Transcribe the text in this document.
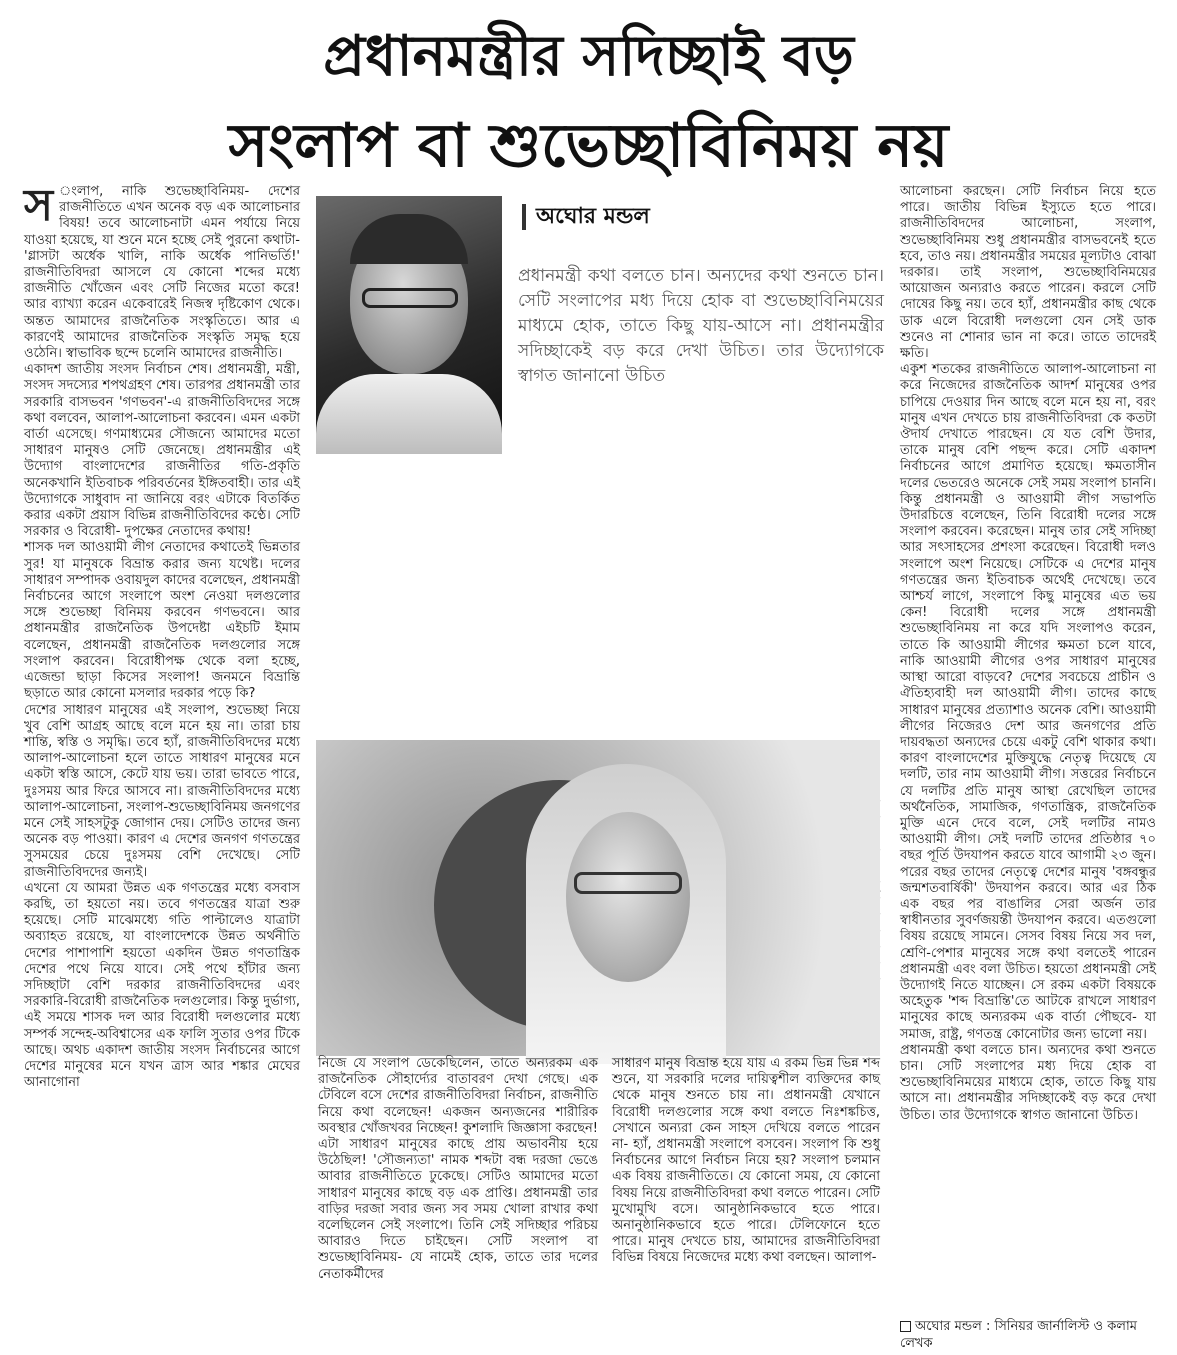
প্রধানমন্ত্রীর সদিচ্ছাই বড়
সংলাপ বা শুভেচ্ছাবিনিময় নয়
স ংলাপ, নাকি শুভেচ্ছাবিনিময়- দেশের রাজনীতিতে এখন অনেক বড় এক আলোচনার বিষয়! তবে আলোচনাটা এমন পর্যায়ে নিয়ে যাওয়া হয়েছে, যা শুনে মনে হচ্ছে সেই পুরনো কথাটা- 'গ্লাসটা অর্ধেক খালি, নাকি অর্ধেক পানিভর্তি!' রাজনীতিবিদরা আসলে যে কোনো শব্দের মধ্যে রাজনীতি খোঁজেন এবং সেটি নিজের মতো করে! আর ব্যাখ্যা করেন একেবারেই নিজস্ব দৃষ্টিকোণ থেকে। অন্তত আমাদের রাজনৈতিক সংস্কৃতিতে। আর এ কারণেই আমাদের রাজনৈতিক সংস্কৃতি সমৃদ্ধ হয়ে ওঠেনি। স্বাভাবিক ছন্দে চলেনি আমাদের রাজনীতি।

একাদশ জাতীয় সংসদ নির্বাচন শেষ। প্রধানমন্ত্রী, মন্ত্রী, সংসদ সদস্যের শপথগ্রহণ শেষ। তারপর প্রধানমন্ত্রী তার সরকারি বাসভবন 'গণভবন'-এ রাজনীতিবিদদের সঙ্গে কথা বলবেন, আলাপ-আলোচনা করবেন। এমন একটা বার্তা এসেছে। গণমাধ্যমের সৌজন্যে আমাদের মতো সাধারণ মানুষও সেটি জেনেছে। প্রধানমন্ত্রীর এই উদ্যোগ বাংলাদেশের রাজনীতির গতি-প্রকৃতি অনেকখানি ইতিবাচক পরিবর্তনের ইঙ্গিতবাহী। তার এই উদ্যোগকে সাধুবাদ না জানিয়ে বরং এটাকে বিতর্কিত করার একটা প্রয়াস বিভিন্ন রাজনীতিবিদের কণ্ঠে। সেটি সরকার ও বিরোধী- দুপক্ষের নেতাদের কথায়!

শাসক দল আওয়ামী লীগ নেতাদের কথাতেই ভিন্নতার সুর! যা মানুষকে বিভ্রান্ত করার জন্য যথেষ্ট। দলের সাধারণ সম্পাদক ওবায়দুল কাদের বলেছেন, প্রধানমন্ত্রী নির্বাচনের আগে সংলাপে অংশ নেওয়া দলগুলোর সঙ্গে শুভেচ্ছা বিনিময় করবেন গণভবনে। আর প্রধানমন্ত্রীর রাজনৈতিক উপদেষ্টা এইচটি ইমাম বলেছেন, প্রধানমন্ত্রী রাজনৈতিক দলগুলোর সঙ্গে সংলাপ করবেন। বিরোধীপক্ষ থেকে বলা হচ্ছে, এজেন্ডা ছাড়া কিসের সংলাপ! জনমনে বিভ্রান্তি ছড়াতে আর কোনো মসলার দরকার পড়ে কি?

দেশের সাধারণ মানুষের এই সংলাপ, শুভেচ্ছা নিয়ে খুব বেশি আগ্রহ আছে বলে মনে হয় না। তারা চায় শান্তি, স্বস্তি ও সমৃদ্ধি। তবে হ্যাঁ, রাজনীতিবিদদের মধ্যে আলাপ-আলোচনা হলে তাতে সাধারণ মানুষের মনে একটা স্বস্তি আসে, কেটে যায় ভয়। তারা ভাবতে পারে, দুঃসময় আর ফিরে আসবে না। রাজনীতিবিদদের মধ্যে আলাপ-আলোচনা, সংলাপ-শুভেচ্ছাবিনিময় জনগণের মনে সেই সাহসটুকু জোগান দেয়। সেটিও তাদের জন্য অনেক বড় পাওয়া। কারণ এ দেশের জনগণ গণতন্ত্রের সুসময়ের চেয়ে দুঃসময় বেশি দেখেছে। সেটি রাজনীতিবিদদের জন্যই।

এখনো যে আমরা উন্নত এক গণতন্ত্রের মধ্যে বসবাস করছি, তা হয়তো নয়। তবে গণতন্ত্রের যাত্রা শুরু হয়েছে। সেটি মাঝেমধ্যে গতি পাল্টালেও যাত্রাটা অব্যাহত রয়েছে, যা বাংলাদেশকে উন্নত অর্থনীতি দেশের পাশাপাশি হয়তো একদিন উন্নত গণতান্ত্রিক দেশের পথে নিয়ে যাবে। সেই পথে হাঁটার জন্য সদিচ্ছাটা বেশি দরকার রাজনীতিবিদদের এবং সরকারি-বিরোধী রাজনৈতিক দলগুলোর। কিন্তু দুর্ভাগ্য, এই সময়ে শাসক দল আর বিরোধী দলগুলোর মধ্যে সম্পর্ক সন্দেহ-অবিশ্বাসের এক ফালি সুতার ওপর টিকে আছে। অথচ একাদশ জাতীয় সংসদ নির্বাচনের আগে দেশের মানুষের মনে যখন ত্রাস আর শঙ্কার মেঘের আনাগোনা

অঘোর মন্ডল
প্রধানমন্ত্রী কথা বলতে চান। অন্যদের কথা শুনতে চান। সেটি সংলাপের মধ্য দিয়ে হোক বা শুভেচ্ছাবিনিময়ের মাধ্যমে হোক, তাতে কিছু যায়-আসে না। প্রধানমন্ত্রীর সদিচ্ছাকেই বড় করে দেখা উচিত। তার উদ্যোগকে স্বাগত জানানো উচিত

নিজে যে সংলাপ ডেকেছিলেন, তাতে অন্যরকম এক রাজনৈতিক সৌহার্দ্যের বাতাবরণ দেখা গেছে। এক টেবিলে বসে দেশের রাজনীতিবিদরা নির্বাচন, রাজনীতি নিয়ে কথা বলেছেন! একজন অন্যজনের শারীরিক অবস্থার খোঁজখবর নিচ্ছেন! কুশলাদি জিজ্ঞাসা করছেন! এটা সাধারণ মানুষের কাছে প্রায় অভাবনীয় হয়ে উঠেছিল! 'সৌজন্যতা' নামক শব্দটা বন্ধ দরজা ভেঙে আবার রাজনীতিতে ঢুকেছে। সেটিও আমাদের মতো সাধারণ মানুষের কাছে বড় এক প্রাপ্তি। প্রধানমন্ত্রী তার বাড়ির দরজা সবার জন্য সব সময় খোলা রাখার কথা বলেছিলেন সেই সংলাপে। তিনি সেই সদিচ্ছার পরিচয় আবারও দিতে চাইছেন। সেটি সংলাপ বা শুভেচ্ছাবিনিময়- যে নামেই হোক, তাতে তার দলের নেতাকর্মীদের

সাধারণ মানুষ বিভ্রান্ত হয়ে যায় এ রকম ভিন্ন ভিন্ন শব্দ শুনে, যা সরকারি দলের দায়িত্বশীল ব্যক্তিদের কাছ থেকে মানুষ শুনতে চায় না। প্রধানমন্ত্রী যেখানে বিরোধী দলগুলোর সঙ্গে কথা বলতে নিঃশঙ্কচিত্ত, সেখানে অন্যরা কেন সাহস দেখিয়ে বলতে পারেন না- হ্যাঁ, প্রধানমন্ত্রী সংলাপে বসবেন। সংলাপ কি শুধু নির্বাচনের আগে নির্বাচন নিয়ে হয়? সংলাপ চলমান এক বিষয় রাজনীতিতে। যে কোনো সময়, যে কোনো বিষয় নিয়ে রাজনীতিবিদরা কথা বলতে পারেন। সেটি মুখোমুখি বসে। আনুষ্ঠানিকভাবে হতে পারে। অনানুষ্ঠানিকভাবে হতে পারে। টেলিফোনে হতে পারে। মানুষ দেখতে চায়, আমাদের রাজনীতিবিদরা বিভিন্ন বিষয়ে নিজেদের মধ্যে কথা বলছেন। আলাপ-

আলোচনা করছেন। সেটি নির্বাচন নিয়ে হতে পারে। জাতীয় বিভিন্ন ইস্যুতে হতে পারে। রাজনীতিবিদদের আলোচনা, সংলাপ, শুভেচ্ছাবিনিময় শুধু প্রধানমন্ত্রীর বাসভবনেই হতে হবে, তাও নয়। প্রধানমন্ত্রীর সময়ের মূল্যটাও বোঝা দরকার। তাই সংলাপ, শুভেচ্ছাবিনিময়ের আয়োজন অন্যরাও করতে পারেন। করলে সেটি দোষের কিছু নয়। তবে হ্যাঁ, প্রধানমন্ত্রীর কাছ থেকে ডাক এলে বিরোধী দলগুলো যেন সেই ডাক শুনেও না শোনার ভান না করে। তাতে তাদেরই ক্ষতি।

একুশ শতকের রাজনীতিতে আলাপ-আলোচনা না করে নিজেদের রাজনৈতিক আদর্শ মানুষের ওপর চাপিয়ে দেওয়ার দিন আছে বলে মনে হয় না, বরং মানুষ এখন দেখতে চায় রাজনীতিবিদরা কে কতটা ঔদার্য দেখাতে পারছেন। যে যত বেশি উদার, তাকে মানুষ বেশি পছন্দ করে। সেটি একাদশ নির্বাচনের আগে প্রমাণিত হয়েছে। ক্ষমতাসীন দলের ভেতরেও অনেকে সেই সময় সংলাপ চাননি। কিন্তু প্রধানমন্ত্রী ও আওয়ামী লীগ সভাপতি উদারচিত্তে বলেছেন, তিনি বিরোধী দলের সঙ্গে সংলাপ করবেন। করেছেন। মানুষ তার সেই সদিচ্ছা আর সৎসাহসের প্রশংসা করেছেন। বিরোধী দলও সংলাপে অংশ নিয়েছে। সেটিকে এ দেশের মানুষ গণতন্ত্রের জন্য ইতিবাচক অর্থেই দেখেছে। তবে আশ্চর্য লাগে, সংলাপে কিছু মানুষের এত ভয় কেন! বিরোধী দলের সঙ্গে প্রধানমন্ত্রী শুভেচ্ছাবিনিময় না করে যদি সংলাপও করেন, তাতে কি আওয়ামী লীগের ক্ষমতা চলে যাবে, নাকি আওয়ামী লীগের ওপর সাধারণ মানুষের আস্থা আরো বাড়বে? দেশের সবচেয়ে প্রাচীন ও ঐতিহ্যবাহী দল আওয়ামী লীগ। তাদের কাছে সাধারণ মানুষের প্রত্যাশাও অনেক বেশি। আওয়ামী লীগের নিজেরও দেশ আর জনগণের প্রতি দায়বদ্ধতা অন্যদের চেয়ে একটু বেশি থাকার কথা। কারণ বাংলাদেশের মুক্তিযুদ্ধে নেতৃত্ব দিয়েছে যে দলটি, তার নাম আওয়ামী লীগ। সত্তরের নির্বাচনে যে দলটির প্রতি মানুষ আস্থা রেখেছিল তাদের অর্থনৈতিক, সামাজিক, গণতান্ত্রিক, রাজনৈতিক মুক্তি এনে দেবে বলে, সেই দলটির নামও আওয়ামী লীগ। সেই দলটি তাদের প্রতিষ্ঠার ৭০ বছর পূর্তি উদযাপন করতে যাবে আগামী ২৩ জুন। পরের বছর তাদের নেতৃত্বে দেশের মানুষ 'বঙ্গবন্ধুর জন্মশতবার্ষিকী' উদযাপন করবে। আর এর ঠিক এক বছর পর বাঙালির সেরা অর্জন তার স্বাধীনতার সুবর্ণজয়ন্তী উদযাপন করবে। এতগুলো বিষয় রয়েছে সামনে। সেসব বিষয় নিয়ে সব দল, শ্রেণি-পেশার মানুষের সঙ্গে কথা বলতেই পারেন প্রধানমন্ত্রী এবং বলা উচিত। হয়তো প্রধানমন্ত্রী সেই উদ্যোগই নিতে যাচ্ছেন। সে রকম একটা বিষয়কে অহেতুক 'শব্দ বিভ্রান্তি'তে আটকে রাখলে সাধারণ মানুষের কাছে অন্যরকম এক বার্তা পৌছবে- যা সমাজ, রাষ্ট্র, গণতন্ত্র কোনোটার জন্য ভালো নয়।

প্রধানমন্ত্রী কথা বলতে চান। অন্যদের কথা শুনতে চান। সেটি সংলাপের মধ্য দিয়ে হোক বা শুভেচ্ছাবিনিময়ের মাধ্যমে হোক, তাতে কিছু যায় আসে না। প্রধানমন্ত্রীর সদিচ্ছাকেই বড় করে দেখা উচিত। তার উদ্যোগকে স্বাগত জানানো উচিত।

অঘোর মন্ডল : সিনিয়র জার্নালিস্ট ও কলাম লেখক
